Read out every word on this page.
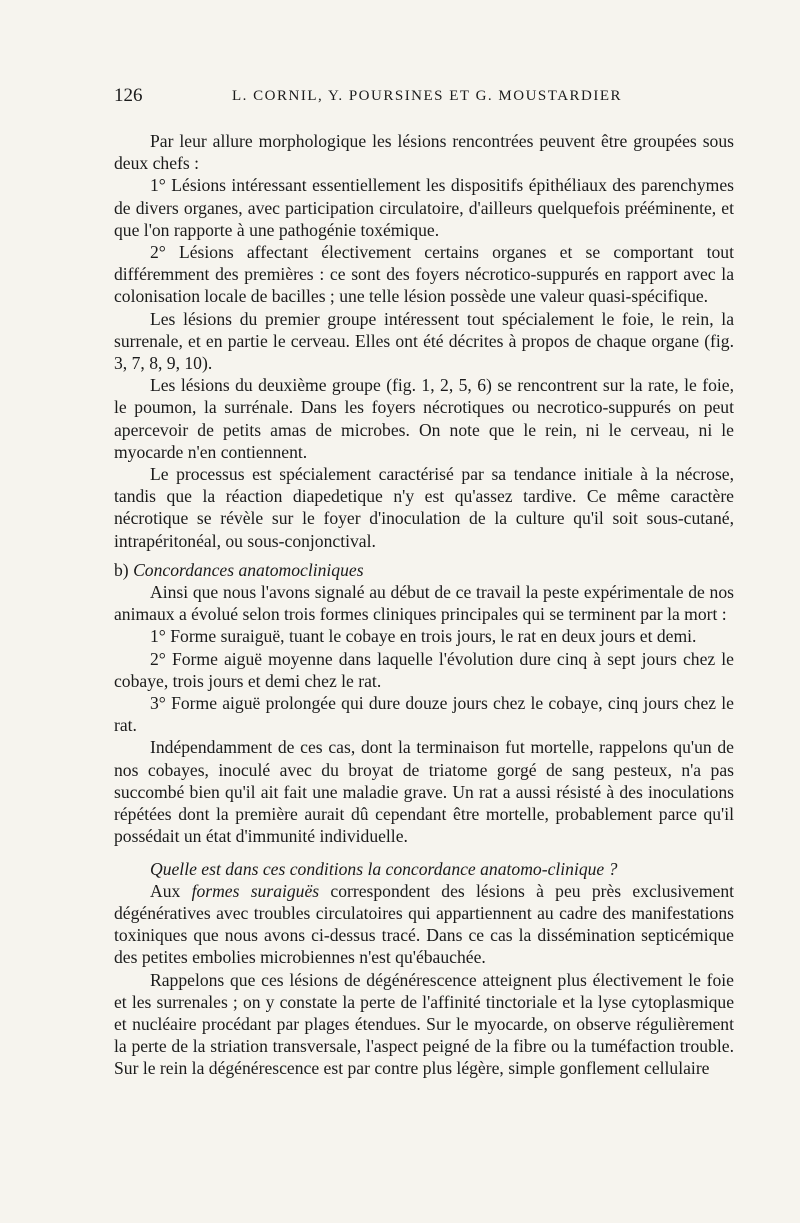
126	L. CORNIL, Y. POURSINES ET G. MOUSTARDIER

Par leur allure morphologique les lésions rencontrées peuvent être groupées sous deux chefs :

1° Lésions intéressant essentiellement les dispositifs épithéliaux des parenchymes de divers organes, avec participation circulatoire, d'ailleurs quelquefois prééminente, et que l'on rapporte à une pathogénie toxémique.

2° Lésions affectant électivement certains organes et se comportant tout différemment des premières : ce sont des foyers nécrotico-suppurés en rapport avec la colonisation locale de bacilles ; une telle lésion possède une valeur quasi-spécifique.

Les lésions du premier groupe intéressent tout spécialement le foie, le rein, la surrenale, et en partie le cerveau. Elles ont été décrites à propos de chaque organe (fig. 3, 7, 8, 9, 10).

Les lésions du deuxième groupe (fig. 1, 2, 5, 6) se rencontrent sur la rate, le foie, le poumon, la surrénale. Dans les foyers nécrotiques ou necrotico-suppurés on peut apercevoir de petits amas de microbes. On note que le rein, ni le cerveau, ni le myocarde n'en contiennent.

Le processus est spécialement caractérisé par sa tendance initiale à la nécrose, tandis que la réaction diapedetique n'y est qu'assez tardive. Ce même caractère nécrotique se révèle sur le foyer d'inoculation de la culture qu'il soit sous-cutané, intrapéritonéal, ou sous-conjonctival.

b) Concordances anatomocliniques

Ainsi que nous l'avons signalé au début de ce travail la peste expérimentale de nos animaux a évolué selon trois formes cliniques principales qui se terminent par la mort :

1° Forme suraiguë, tuant le cobaye en trois jours, le rat en deux jours et demi.

2° Forme aiguë moyenne dans laquelle l'évolution dure cinq à sept jours chez le cobaye, trois jours et demi chez le rat.

3° Forme aiguë prolongée qui dure douze jours chez le cobaye, cinq jours chez le rat.

Indépendamment de ces cas, dont la terminaison fut mortelle, rappelons qu'un de nos cobayes, inoculé avec du broyat de triatome gorgé de sang pesteux, n'a pas succombé bien qu'il ait fait une maladie grave. Un rat a aussi résisté à des inoculations répétées dont la première aurait dû cependant être mortelle, probablement parce qu'il possédait un état d'immunité individuelle.

Quelle est dans ces conditions la concordance anatomo-clinique ?

Aux formes suraiguës correspondent des lésions à peu près exclusivement dégénératives avec troubles circulatoires qui appartiennent au cadre des manifestations toxiniques que nous avons ci-dessus tracé. Dans ce cas la dissémination septicémique des petites embolies microbiennes n'est qu'ébauchée.

Rappelons que ces lésions de dégénérescence atteignent plus électivement le foie et les surrenales ; on y constate la perte de l'affinité tinctoriale et la lyse cytoplasmique et nucléaire procédant par plages étendues. Sur le myocarde, on observe régulièrement la perte de la striation transversale, l'aspect peigné de la fibre ou la tuméfaction trouble. Sur le rein la dégénérescence est par contre plus légère, simple gonflement cellulaire
